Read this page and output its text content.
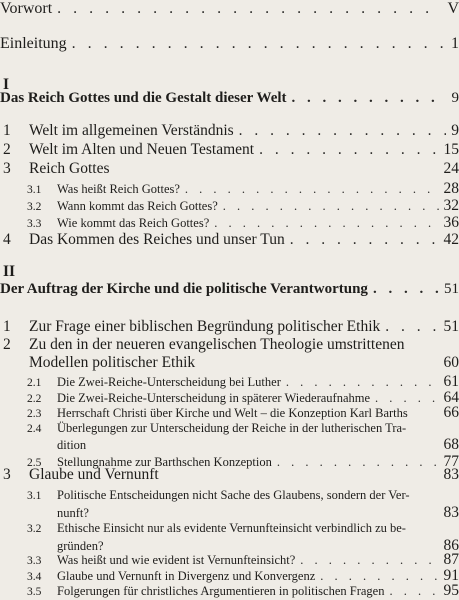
Vorwort . . .	V
Einleitung . . .	1
I
Das Reich Gottes und die Gestalt dieser Welt . . .	9
1	Welt im allgemeinen Verständnis . . .	9
2	Welt im Alten und Neuen Testament . . .	15
3	Reich Gottes	24
3.1	Was heißt Reich Gottes? . . .	28
3.2	Wann kommt das Reich Gottes? . . .	32
3.3	Wie kommt das Reich Gottes? . . .	36
4	Das Kommen des Reiches und unser Tun . . .	42
II
Der Auftrag der Kirche und die politische Verantwortung . . .	51
1	Zur Frage einer biblischen Begründung politischer Ethik . . .	51
2	Zu den in der neueren evangelischen Theologie umstrittenen
Modellen politischer Ethik	60
2.1	Die Zwei-Reiche-Unterscheidung bei Luther . . .	61
2.2	Die Zwei-Reiche-Unterscheidung in späterer Wiederaufnahme . . .	64
2.3	Herrschaft Christi über Kirche und Welt – die Konzeption Karl Barths	66
2.4	Überlegungen zur Unterscheidung der Reiche in der lutherischen Tra-
dition	68
2.5	Stellungnahme zur Barthschen Konzeption . . .	77
3	Glaube und Vernunft	83
3.1	Politische Entscheidungen nicht Sache des Glaubens, sondern der Ver-
nunft?	83
3.2	Ethische Einsicht nur als evidente Vernunfteinsicht verbindlich zu be-
gründen?	86
3.3	Was heißt und wie evident ist Vernunfteinsicht? . . .	87
3.4	Glaube und Vernunft in Divergenz und Konvergenz . . .	91
3.5	Folgerungen für christliches Argumentieren in politischen Fragen . . .	95
